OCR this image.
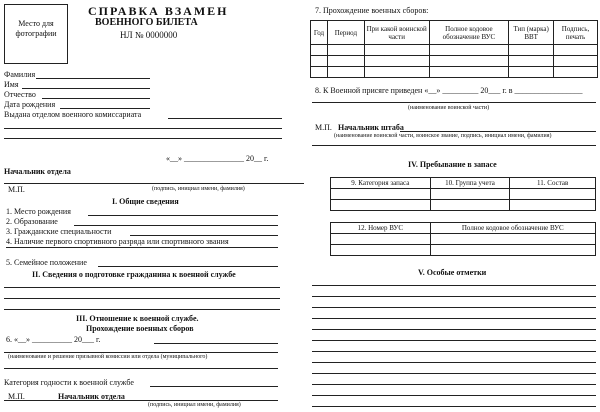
Место для фотографии
СПРАВКА ВЗАМЕН
ВОЕННОГО БИЛЕТА
НЛ № 0000000
Фамилия
Имя
Отчество
Дата рождения
Выдана отделом военного комиссариата
«__» _______________ 20__ г.
Начальник отдела
М.П.	(подпись, инициал имени, фамилия)
I. Общие сведения
1. Место рождения
2. Образование
3. Гражданские специальности
4. Наличие первого спортивного разряда или спортивного звания
5. Семейное положение
II. Сведения о подготовке гражданина к военной службе
III. Отношение к военной службе.
Прохождение военных сборов
6. «__» __________ 20___ г.
(наименование и решение призывной комиссии или отдела (муниципального)
Категория годности к военной службе
М.П.	Начальник отдела
(подпись, инициал имени, фамилия)
7. Прохождение военных сборов:
Год	Период	При какой воинской части	Полное кодовое обозначение ВУС	Тип (марка) ВВТ	Подпись, печать

8. К Военной присяге приведен «__» _________ 20___ г. в _________________
(наименование воинской части)
М.П. Начальник штаба
(наименование воинской части, воинское звание, подпись, инициал имени, фамилия)
IV. Пребывание в запасе
9. Категория запаса	10. Группа учета	11. Состав

12. Номер ВУС	Полное кодовое обозначение ВУС

V. Особые отметки
